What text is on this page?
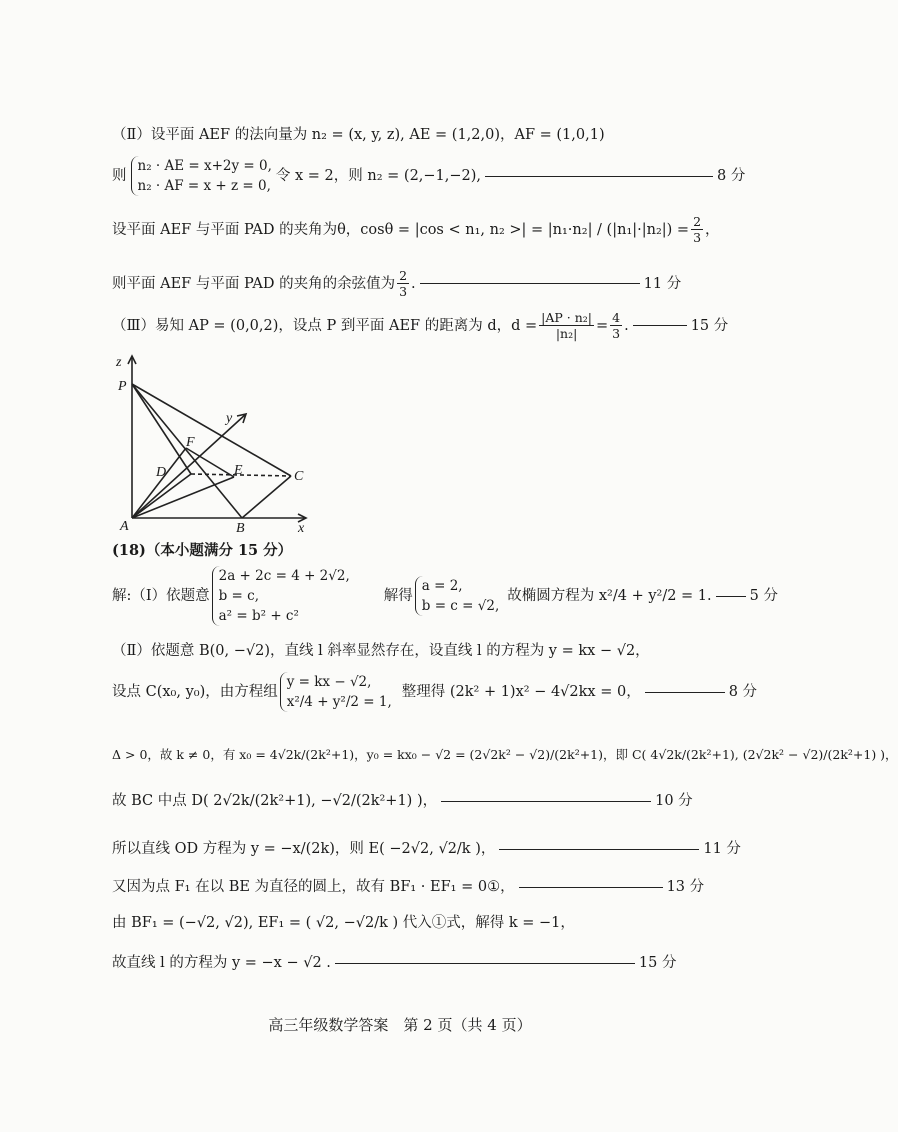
（Ⅱ）设平面 AEF 的法向量为 n₂ = (x, y, z), AE = (1,2,0)，AF = (1,0,1)
则
n₂ · AE = x+2y = 0,
n₂ · AF = x + z = 0,
令 x = 2，则 n₂ = (2,−1,−2),	8 分
设平面 AEF 与平面 PAD 的夹角为θ，cosθ = |cos < n₁, n₂ >| = $|n_1\cdot n_2| / (|n_1|\cdot|n_2|) = \frac{2}{3}$ ，
则平面 AEF 与平面 PAD 的夹角的余弦值为 $\frac{2}{3}$ .	11 分
（Ⅲ）易知 AP = (0,0,2)，设点 P 到平面 AEF 的距离为 d，$d = \frac{\text{|AP · n₂|}}{\text{|n₂|}} = \frac{4}{3}$ .	15 分
z
P
y
F
D	E	C
A	B	x
(18)（本小题满分 15 分）
解:（Ⅰ）依题意
2a + 2c = 4 + 2√2,
b = c,
a² = b² + c²
解得
a = 2,
b = c = √2,
故椭圆方程为 x²/4 + y²/2 = 1.	5 分
（Ⅱ）依题意 B(0, −√2)，直线 l 斜率显然存在，设直线 l 的方程为 y = kx − √2，
设点 C(x₀, y₀)，由方程组
y = kx − √2,
x²/4 + y²/2 = 1,
整理得 (2k² + 1)x² − 4√2kx = 0，	8 分
Δ > 0，故 k ≠ 0，有 x₀ = 4√2k/(2k²+1)，y₀ = kx₀ − √2 = (2√2k² − √2)/(2k²+1)，即 C( 4√2k/(2k²+1), (2√2k² − √2)/(2k²+1) )，
故 BC 中点 D( 2√2k/(2k²+1), −√2/(2k²+1) )，	10 分
所以直线 OD 方程为 y = −x/(2k)，则 E( −2√2, √2/k )，	11 分
又因为点 F₁ 在以 BE 为直径的圆上，故有 BF₁ · EF₁ = 0①，	13 分
由 BF₁ = (−√2, √2), EF₁ = ( √2, −√2/k ) 代入①式，解得 k = −1，
故直线 l 的方程为 y = −x − √2 .	15 分
高三年级数学答案　第 2 页（共 4 页）
